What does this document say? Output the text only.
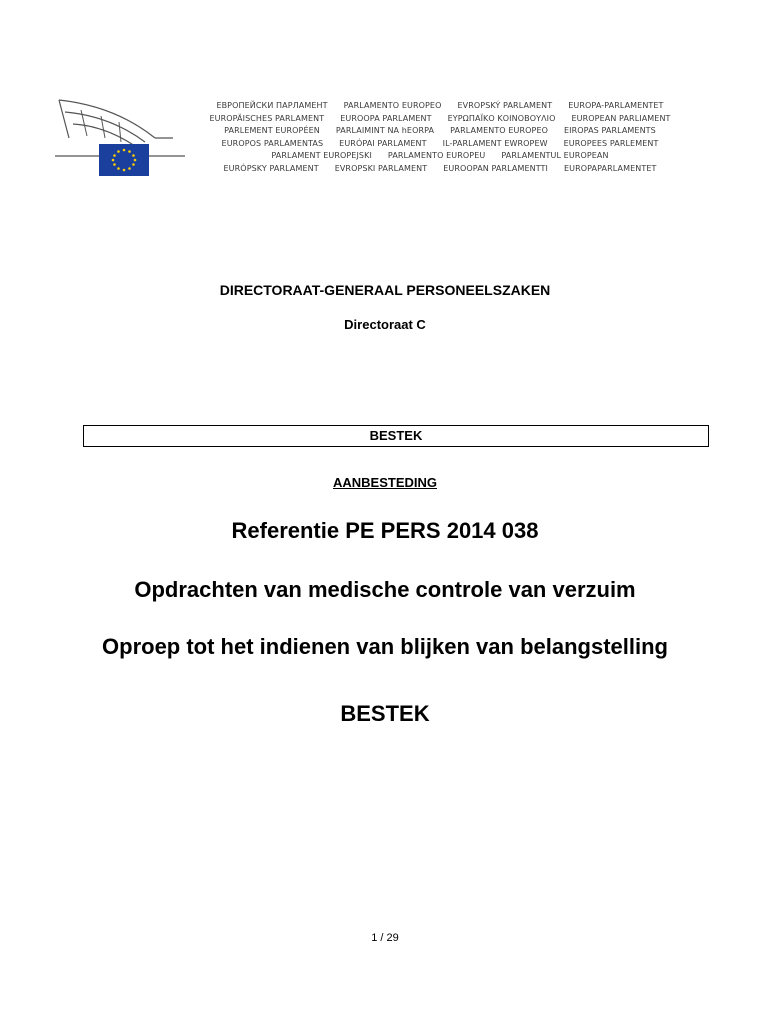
ЕВРОПЕЙСКИ ПАРЛАМЕНТ PARLAMENTO EUROPEO EVROPSKÝ PARLAMENT EUROPA-PARLAMENTET
EUROPÄISCHES PARLAMENT EUROOPA PARLAMENT ΕΥΡΩΠΑΪΚΟ ΚΟΙΝΟΒΟΥΛΙΟ EUROPEAN PARLIAMENT
PARLEMENT EUROPÉEN PARLAIMINT NA hEORPA PARLAMENTO EUROPEO EIROPAS PARLAMENTS
EUROPOS PARLAMENTAS EURÓPAI PARLAMENT IL-PARLAMENT EWROPEW EUROPEES PARLEMENT
PARLAMENT EUROPEJSKI PARLAMENTO EUROPEU PARLAMENTUL EUROPEAN
EURÓPSKY PARLAMENT EVROPSKI PARLAMENT EUROOPAN PARLAMENTTI EUROPAPARLAMENTET
DIRECTORAAT-GENERAAL PERSONEELSZAKEN
Directoraat C
BESTEK
AANBESTEDING
Referentie PE PERS 2014 038
Opdrachten van medische controle van verzuim
Oproep tot het indienen van blijken van belangstelling
BESTEK
1 / 29
